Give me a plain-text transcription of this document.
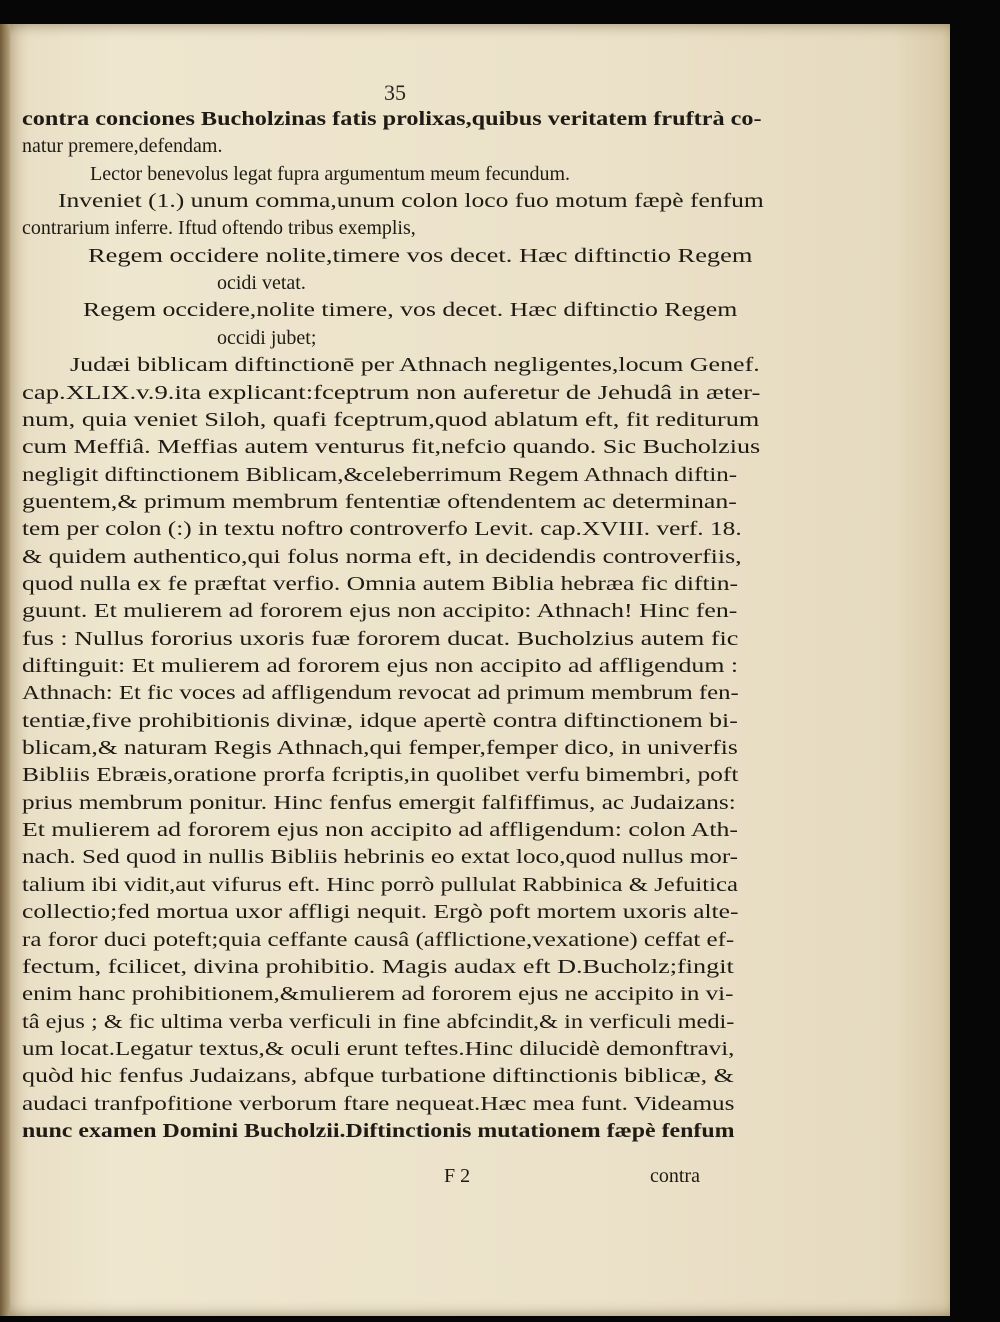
35
contra conciones Bucholzinas fatis prolixas,quibus veritatem fruftrà co-
natur premere,defendam.
Lector benevolus legat fupra argumentum meum fecundum.
Inveniet (1.) unum comma,unum colon loco fuo motum fæpè fenfum
contrarium inferre. Iftud oftendo tribus exemplis,
Regem occidere nolite,timere vos decet. Hæc diftinctio Regem
ocidi vetat.
Regem occidere,nolite timere, vos decet. Hæc diftinctio Regem
occidi jubet;
Judæi biblicam diftinctionē per Athnach negligentes,locum Genef.
cap.XLIX.v.9.ita explicant:fceptrum non auferetur de Jehudâ in æter-
num, quia veniet Siloh, quafi fceptrum,quod ablatum eft, fit rediturum
cum Meffiâ. Meffias autem venturus fit,nefcio quando. Sic Bucholzius
negligit diftinctionem Biblicam,&celeberrimum Regem Athnach diftin-
guentem,& primum membrum fententiæ oftendentem ac determinan-
tem per colon (:) in textu noftro controverfo Levit. cap.XVIII. verf. 18.
& quidem authentico,qui folus norma eft, in decidendis controverfiis,
quod nulla ex fe præftat verfio. Omnia autem Biblia hebræa fic diftin-
guunt. Et mulierem ad fororem ejus non accipito: Athnach! Hinc fen-
fus : Nullus fororius uxoris fuæ fororem ducat. Bucholzius autem fic
diftinguit: Et mulierem ad fororem ejus non accipito ad affligendum :
Athnach: Et fic voces ad affligendum revocat ad primum membrum fen-
tentiæ,five prohibitionis divinæ, idque apertè contra diftinctionem bi-
blicam,& naturam Regis Athnach,qui femper,femper dico, in univerfis
Bibliis Ebræis,oratione prorfa fcriptis,in quolibet verfu bimembri, poft
prius membrum ponitur. Hinc fenfus emergit falfiffimus, ac Judaizans:
Et mulierem ad fororem ejus non accipito ad affligendum: colon Ath-
nach. Sed quod in nullis Bibliis hebrinis eo extat loco,quod nullus mor-
talium ibi vidit,aut vifurus eft. Hinc porrò pullulat Rabbinica & Jefuitica
collectio;fed mortua uxor affligi nequit. Ergò poft mortem uxoris alte-
ra foror duci poteft;quia ceffante causâ (afflictione,vexatione) ceffat ef-
fectum, fcilicet, divina prohibitio. Magis audax eft D.Bucholz;fingit
enim hanc prohibitionem,&mulierem ad fororem ejus ne accipito in vi-
tâ ejus ; & fic ultima verba verficuli in fine abfcindit,& in verficuli medi-
um locat.Legatur textus,& oculi erunt teftes.Hinc dilucidè demonftravi,
quòd hic fenfus Judaizans, abfque turbatione diftinctionis biblicæ, &
audaci tranfpofitione verborum ftare nequeat.Hæc mea funt. Videamus
nunc examen Domini Bucholzii.Diftinctionis mutationem fæpè fenfum
F 2	contra
